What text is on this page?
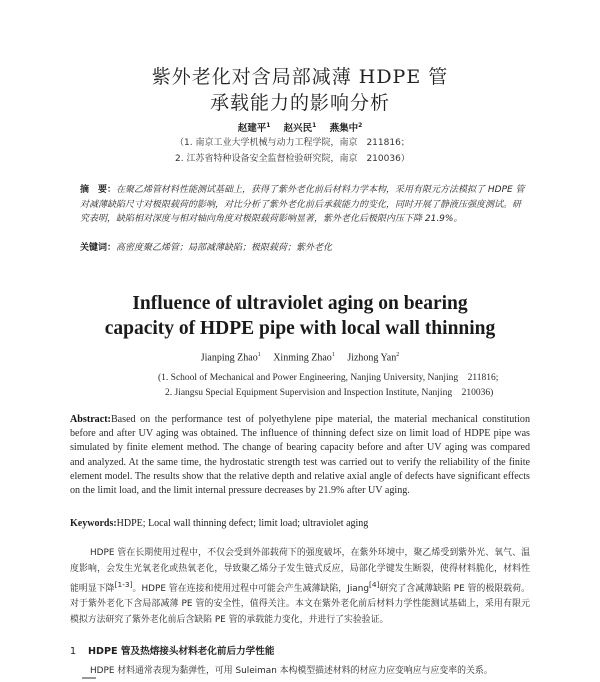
紫外老化对含局部减薄 HDPE 管
承载能力的影响分析
赵建平$^1$ 赵兴民$^1$ 燕集中$^2$
（1. 南京工业大学机械与动力工程学院，南京　211816；
2. 江苏省特种设备安全监督检验研究院，南京　210036）
摘　要：在聚乙烯管材料性能测试基础上，获得了紫外老化前后材料力学本构，采用有限元方法模拟了 HDPE 管对减薄缺陷尺寸对极限载荷的影响，对比分析了紫外老化前后承载能力的变化，同时开展了静液压强度测试。研究表明，缺陷相对深度与相对轴向角度对极限载荷影响显著，紫外老化后极限内压下降 21.9%。
关键词：高密度聚乙烯管；局部减薄缺陷；极限载荷；紫外老化
Influence of ultraviolet aging on bearing
capacity of HDPE pipe with local wall thinning
Jianping Zhao$^1$ Xinming Zhao$^1$ Jizhong Yan$^2$
(1. School of Mechanical and Power Engineering, Nanjing University, Nanjing　211816;
2. Jiangsu Special Equipment Supervision and Inspection Institute, Nanjing　210036)
Abstract:Based on the performance test of polyethylene pipe material, the material mechanical constitution before and after UV aging was obtained. The influence of thinning defect size on limit load of HDPE pipe was simulated by finite element method. The change of bearing capacity before and after UV aging was compared and analyzed. At the same time, the hydrostatic strength test was carried out to verify the reliability of the finite element model. The results show that the relative depth and relative axial angle of defects have significant effects on the limit load, and the limit internal pressure decreases by 21.9% after UV aging.
Keywords:HDPE; Local wall thinning defect; limit load; ultraviolet aging
HDPE 管在长期使用过程中，不仅会受到外部载荷下的强度破坏，在紫外环境中，聚乙烯受到紫外光、氧气、温度影响，会发生光氧老化或热氧老化，导致聚乙烯分子发生链式反应，局部化学键发生断裂，使得材料脆化，材料性能明显下降[1-3]。HDPE 管在连接和使用过程中可能会产生减薄缺陷，Jiang[4]研究了含减薄缺陷 PE 管的极限载荷。对于紫外老化下含局部减薄 PE 管的安全性，值得关注。本文在紫外老化前后材料力学性能测试基础上，采用有限元模拟方法研究了紫外老化前后含缺陷 PE 管的承载能力变化，并进行了实验验证。
1 HDPE 管及热熔接头材料老化前后力学性能
HDPE 材料通常表现为黏弹性，可用 Suleiman 本构模型描述材料的材应力应变响应与应变率的关系。
